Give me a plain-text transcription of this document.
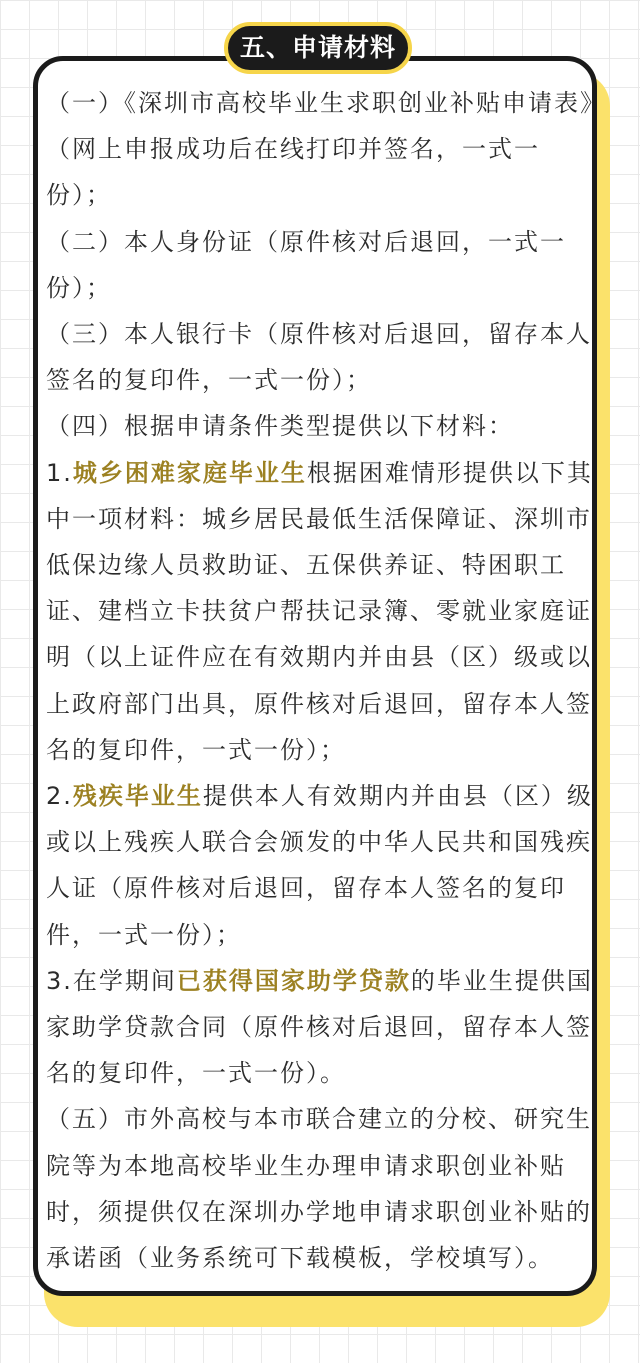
五、申请材料

（一）《深圳市高校毕业生求职创业补贴申请表》（网上申报成功后在线打印并签名，一式一份）；

（二）本人身份证（原件核对后退回，一式一份）；

（三）本人银行卡（原件核对后退回，留存本人签名的复印件，一式一份）；

（四）根据申请条件类型提供以下材料：

1.城乡困难家庭毕业生根据困难情形提供以下其中一项材料：城乡居民最低生活保障证、深圳市低保边缘人员救助证、五保供养证、特困职工证、建档立卡扶贫户帮扶记录簿、零就业家庭证明（以上证件应在有效期内并由县（区）级或以上政府部门出具，原件核对后退回，留存本人签名的复印件，一式一份）；

2.残疾毕业生提供本人有效期内并由县（区）级或以上残疾人联合会颁发的中华人民共和国残疾人证（原件核对后退回，留存本人签名的复印件，一式一份）；

3.在学期间已获得国家助学贷款的毕业生提供国家助学贷款合同（原件核对后退回，留存本人签名的复印件，一式一份）。

（五）市外高校与本市联合建立的分校、研究生院等为本地高校毕业生办理申请求职创业补贴时，须提供仅在深圳办学地申请求职创业补贴的承诺函（业务系统可下载模板，学校填写）。
